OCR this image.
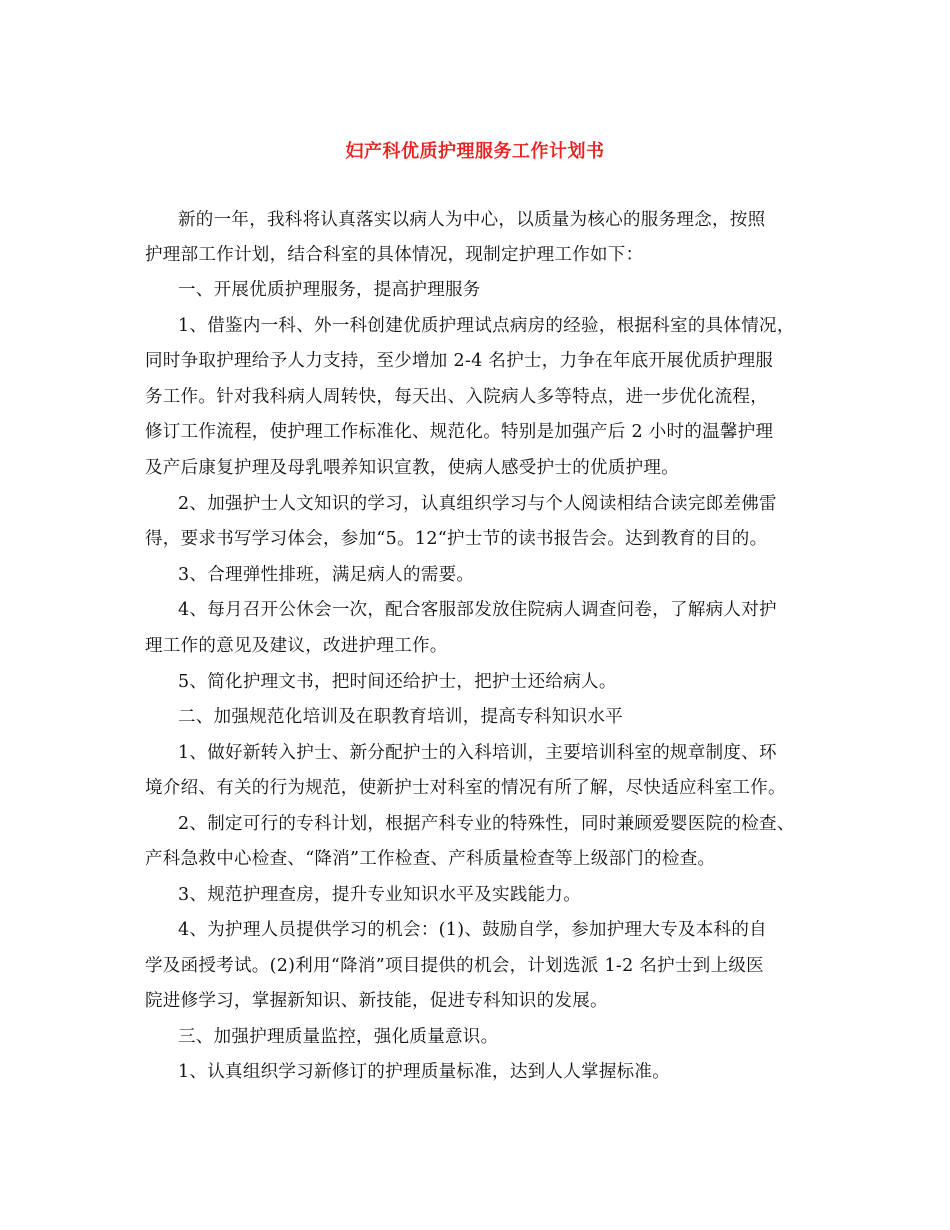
妇产科优质护理服务工作计划书
新的一年，我科将认真落实以病人为中心，以质量为核心的服务理念，按照
护理部工作计划，结合科室的具体情况，现制定护理工作如下：
一、开展优质护理服务，提高护理服务
1、借鉴内一科、外一科创建优质护理试点病房的经验，根据科室的具体情况，
同时争取护理给予人力支持，至少增加 2-4 名护士，力争在年底开展优质护理服
务工作。针对我科病人周转快，每天出、入院病人多等特点，进一步优化流程，
修订工作流程，使护理工作标准化、规范化。特别是加强产后 2 小时的温馨护理
及产后康复护理及母乳喂养知识宣教，使病人感受护士的优质护理。
2、加强护士人文知识的学习，认真组织学习与个人阅读相结合读完郎差佛雷
得，要求书写学习体会，参加“5。12“护士节的读书报告会。达到教育的目的。
3、合理弹性排班，满足病人的需要。
4、每月召开公休会一次，配合客服部发放住院病人调查问卷，了解病人对护
理工作的意见及建议，改进护理工作。
5、简化护理文书，把时间还给护士，把护士还给病人。
二、加强规范化培训及在职教育培训，提高专科知识水平
1、做好新转入护士、新分配护士的入科培训，主要培训科室的规章制度、环
境介绍、有关的行为规范，使新护士对科室的情况有所了解，尽快适应科室工作。
2、制定可行的专科计划，根据产科专业的特殊性，同时兼顾爱婴医院的检查、
产科急救中心检查、“降消”工作检查、产科质量检查等上级部门的检查。
3、规范护理查房，提升专业知识水平及实践能力。
4、为护理人员提供学习的机会：(1)、鼓励自学，参加护理大专及本科的自
学及函授考试。(2)利用“降消”项目提供的机会，计划选派 1-2 名护士到上级医
院进修学习，掌握新知识、新技能，促进专科知识的发展。
三、加强护理质量监控，强化质量意识。
1、认真组织学习新修订的护理质量标准，达到人人掌握标准。
